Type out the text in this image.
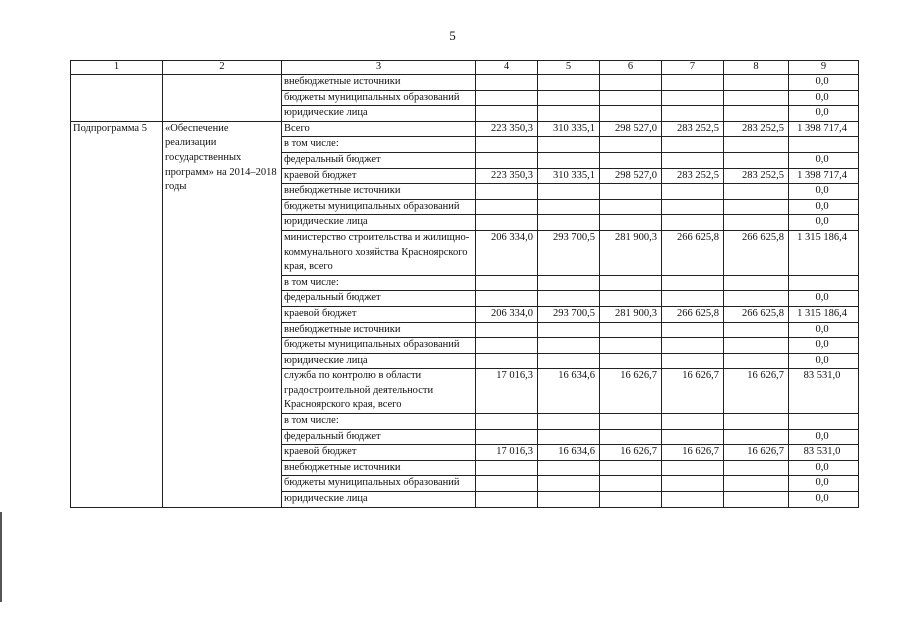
5
1	2	3	4	5	6	7	8	9
		внебюджетные источники						0,0
		бюджеты муниципальных образований						0,0
		юридические лица						0,0
Подпрограмма 5	«Обеспечение реализации государственных программ» на 2014–2018 годы	Всего	223 350,3	310 335,1	298 527,0	283 252,5	283 252,5	1 398 717,4
		в том числе:						
		федеральный бюджет						0,0
		краевой бюджет	223 350,3	310 335,1	298 527,0	283 252,5	283 252,5	1 398 717,4
		внебюджетные источники						0,0
		бюджеты муниципальных образований						0,0
		юридические лица						0,0
		министерство строительства и жилищно-коммунального хозяйства Красноярского края, всего	206 334,0	293 700,5	281 900,3	266 625,8	266 625,8	1 315 186,4
		в том числе:						
		федеральный бюджет						0,0
		краевой бюджет	206 334,0	293 700,5	281 900,3	266 625,8	266 625,8	1 315 186,4
		внебюджетные источники						0,0
		бюджеты муниципальных образований						0,0
		юридические лица						0,0
		служба по контролю в области градостроительной деятельности Красноярского края, всего	17 016,3	16 634,6	16 626,7	16 626,7	16 626,7	83 531,0
		в том числе:						
		федеральный бюджет						0,0
		краевой бюджет	17 016,3	16 634,6	16 626,7	16 626,7	16 626,7	83 531,0
		внебюджетные источники						0,0
		бюджеты муниципальных образований						0,0
		юридические лица						0,0
